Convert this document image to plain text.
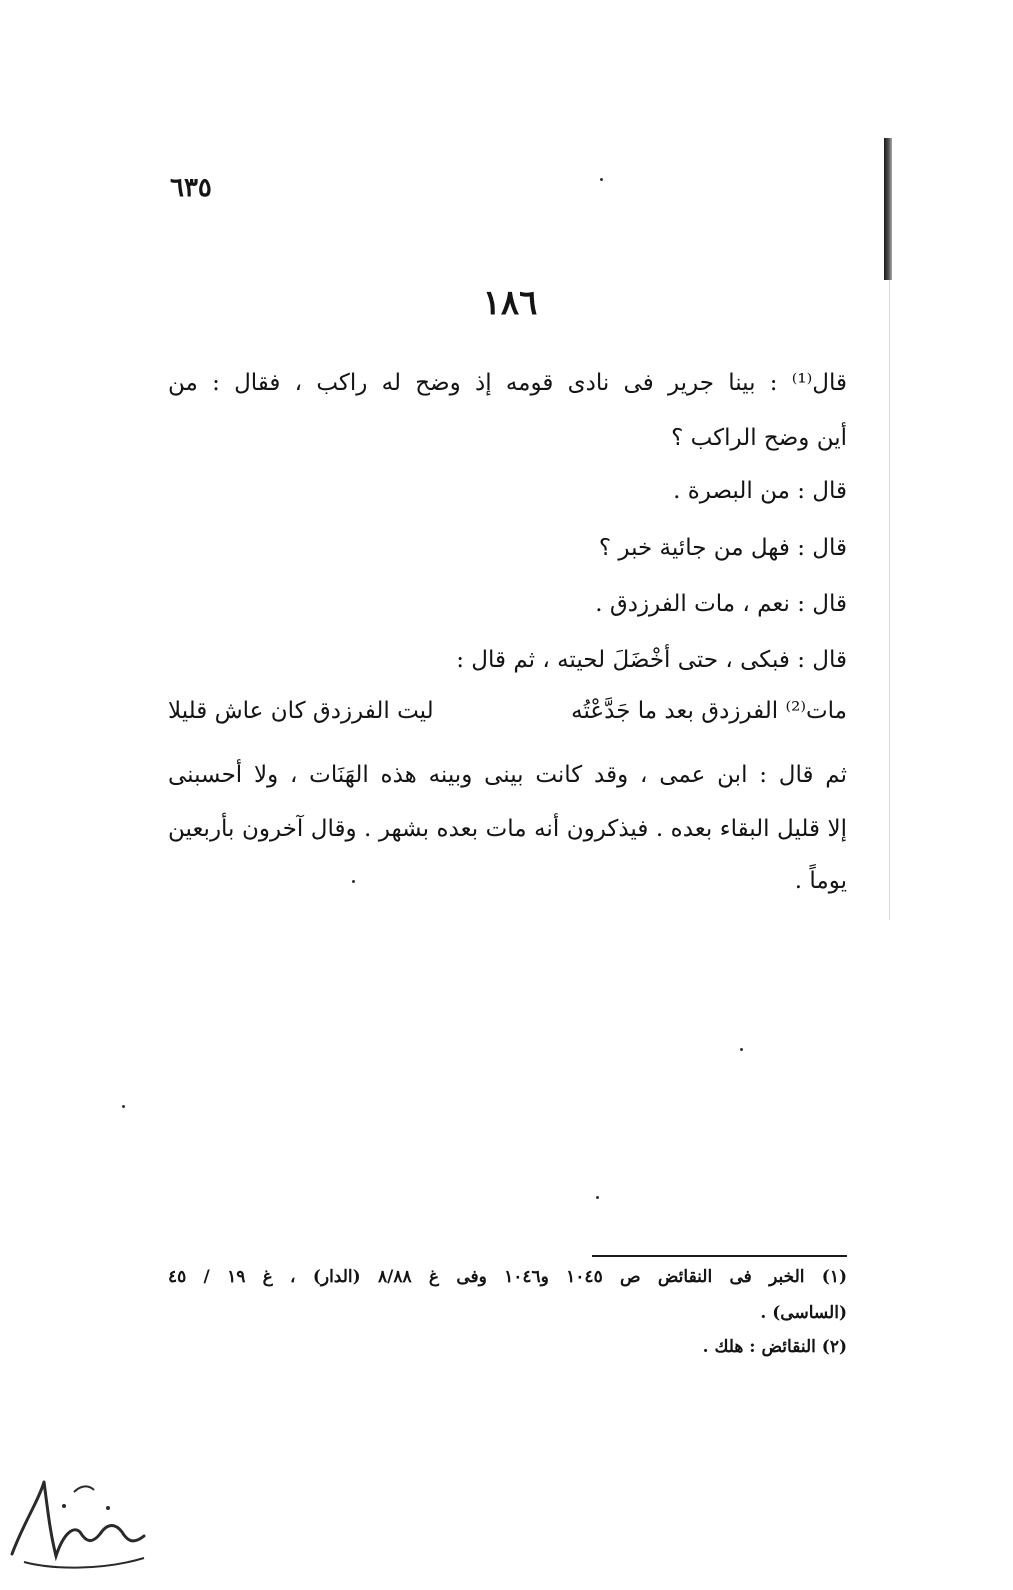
٦٣٥
١٨٦
قال⁽¹⁾ : بينا جرير فى نادى قومه إذ وضح له راكب ، فقال : من
أين وضح الراكب ؟
قال : من البصرة .
قال : فهل من جائية خبر ؟
قال : نعم ، مات الفرزدق .
قال : فبكى ، حتى أخْضَلَ لحيته ، ثم قال :
مات⁽²⁾ الفرزدق بعد ما جَدَّعْتُه
ليت الفرزدق كان عاش قليلا
ثم قال : ابن عمى ، وقد كانت بينى وبينه هذه الهَنَات ، ولا أحسبنى
إلا قليل البقاء بعده . فيذكرون أنه مات بعده بشهر . وقال آخرون بأربعين
يوماً .
(١) الخبر فى النقائض ص ١٠٤٥ و١٠٤٦ وفى غ ٨/٨٨ (الدار) ، غ ١٩ / ٤٥
(الساسى) .
(٢) النقائض : هلك .
